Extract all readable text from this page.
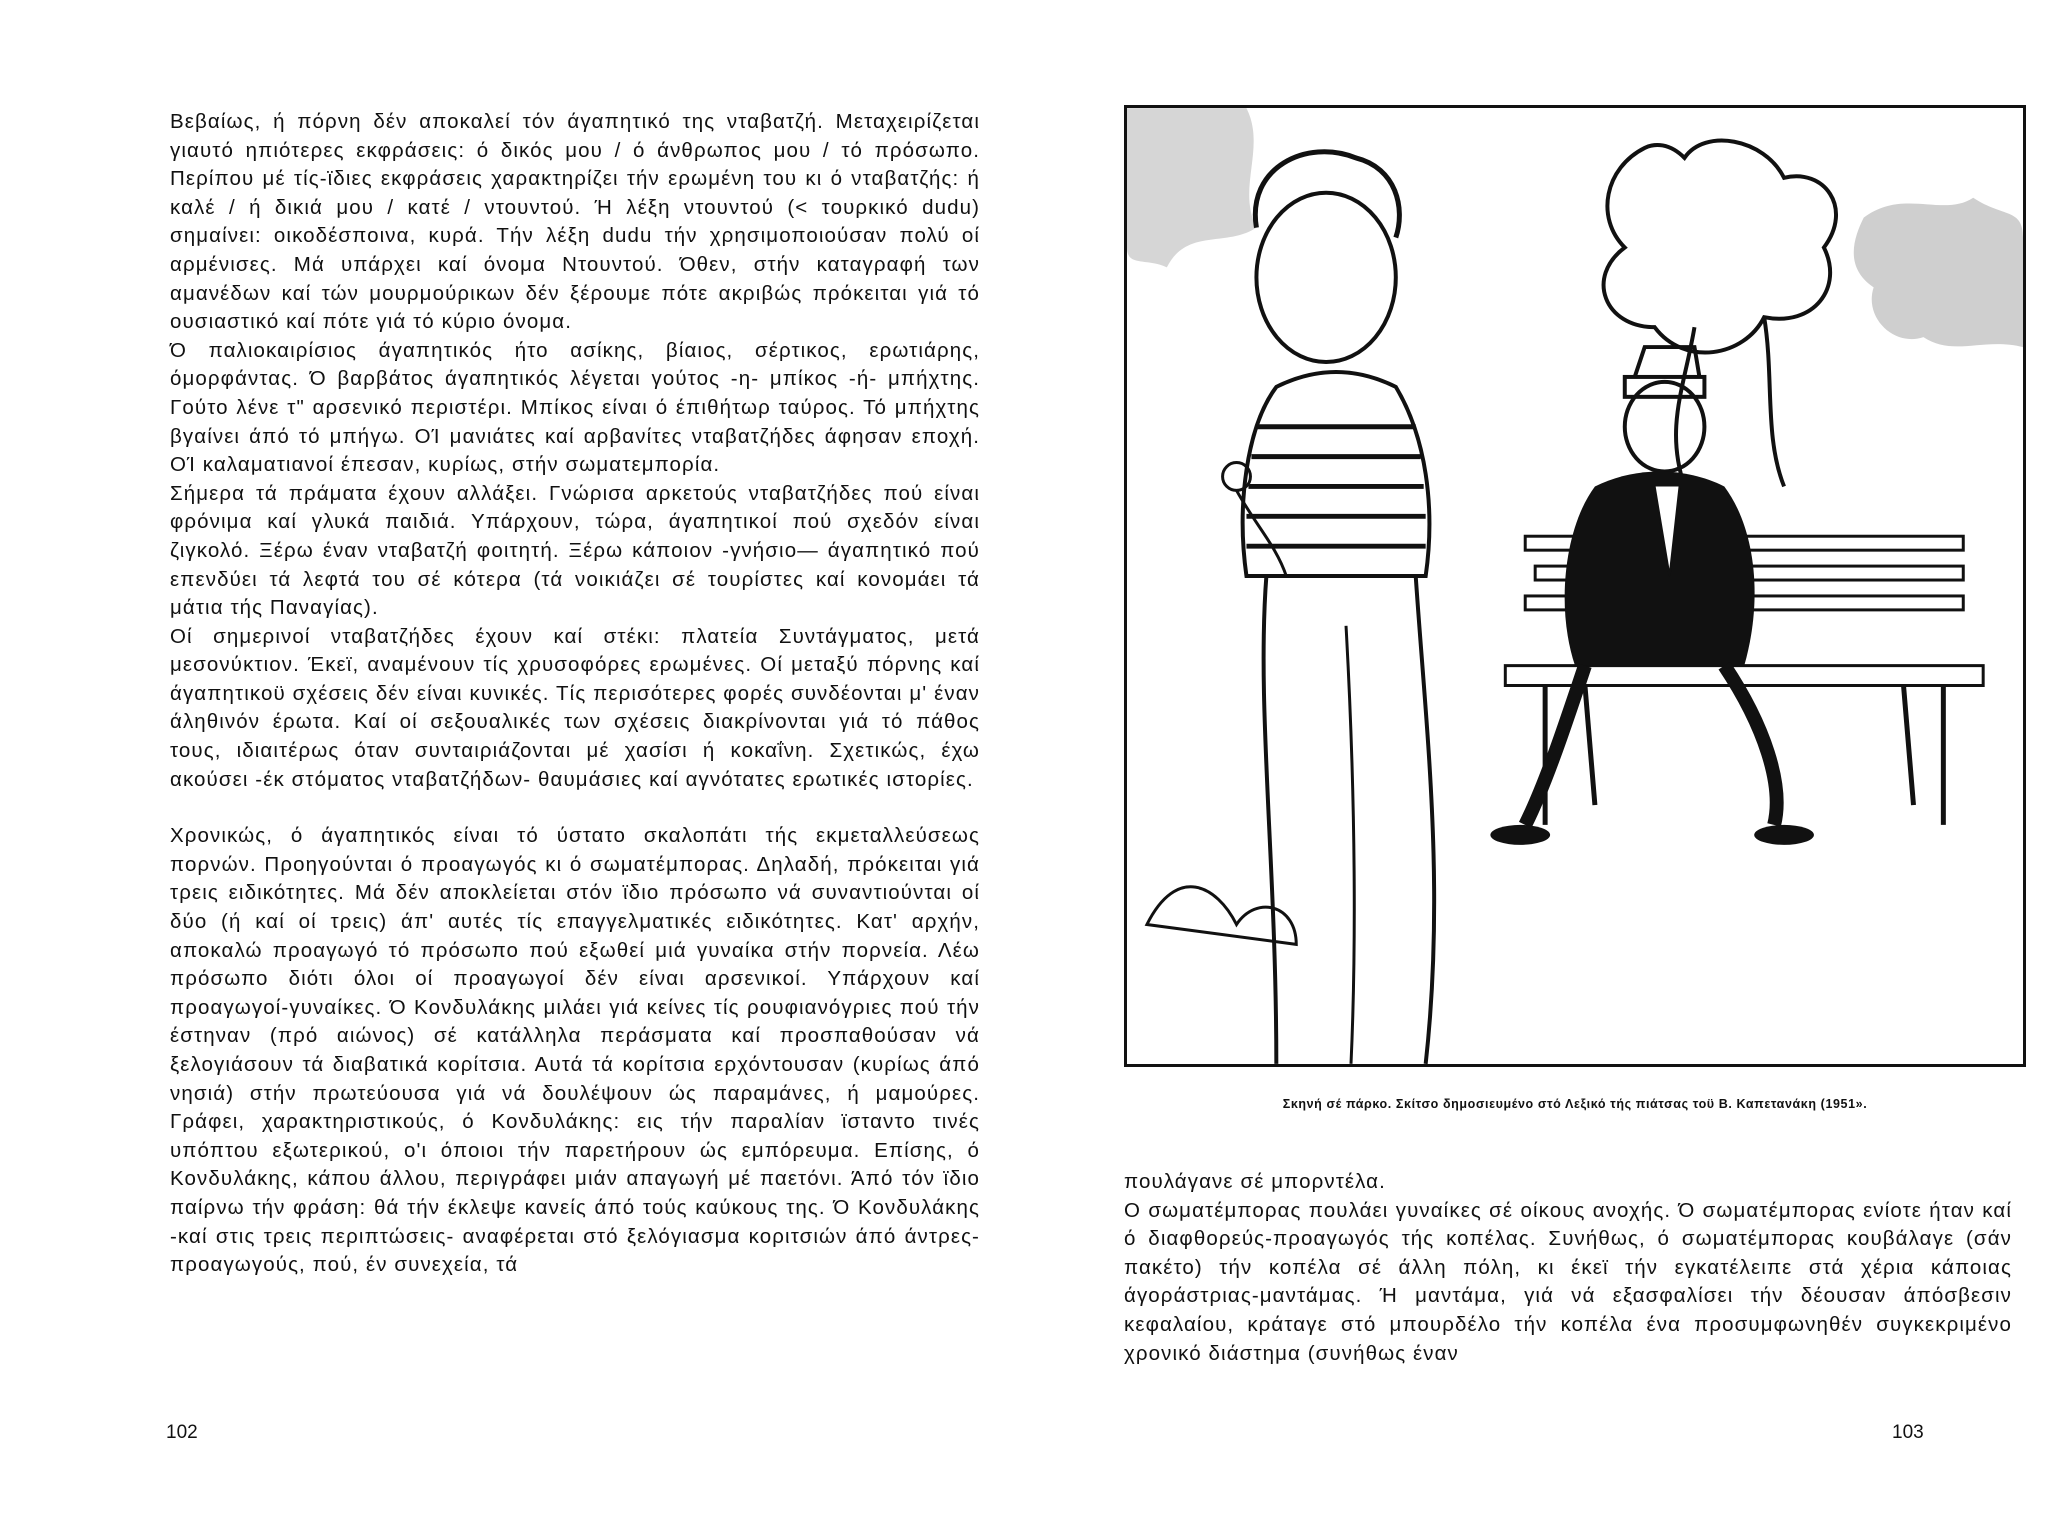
Βεβαίως, ή πόρνη δέν αποκαλεί τόν άγαπητικό της νταβατζή. Μεταχειρίζεται γιαυτό ηπιότερες εκφράσεις: ό δικός μου / ό άνθρωπος μου / τό πρόσωπο. Περίπου μέ τίς-ϊδιες εκφράσεις χαρακτηρίζει τήν ερωμένη του κι ό νταβατζής: ή καλέ / ή δικιά μου / κατέ / ντουντού. Ή λέξη ντουντού (< τουρκικό dudu) σημαίνει: οικοδέσποινα, κυρά. Τήν λέξη dudu τήν χρησιμοποιούσαν πολύ οί αρμένισες. Μά υπάρχει καί όνομα Ντουντού. Όθεν, στήν καταγραφή των αμανέδων καί τών μουρμούρικων δέν ξέρουμε πότε ακριβώς πρόκειται γιά τό ουσιαστικό καί πότε γιά τό κύριο όνομα.

Ό παλιοκαιρίσιος άγαπητικός ήτο ασίκης, βίαιος, σέρτικος, ερωτιάρης, όμορφάντας. Ό βαρβάτος άγαπητικός λέγεται γούτος -η- μπίκος -ή- μπήχτης. Γούτο λένε τ" αρσενικό περιστέρι. Μπίκος είναι ό έπιθήτωρ ταύρος. Τό μπήχτης βγαίνει άπό τό μπήγω. ΟΊ μανιάτες καί αρβανίτες νταβατζήδες άφησαν εποχή. ΟΊ καλαματιανοί έπεσαν, κυρίως, στήν σωματεμπορία.

Σήμερα τά πράματα έχουν αλλάξει. Γνώρισα αρκετούς νταβατζήδες πού είναι φρόνιμα καί γλυκά παιδιά. Υπάρχουν, τώρα, άγαπητικοί πού σχεδόν είναι ζιγκολό. Ξέρω έναν νταβατζή φοιτητή. Ξέρω κάποιον -γνήσιο— άγαπητικό πού επενδύει τά λεφτά του σέ κότερα (τά νοικιάζει σέ τουρίστες καί κονομάει τά μάτια τής Παναγίας).

Οί σημερινοί νταβατζήδες έχουν καί στέκι: πλατεία Συντάγματος, μετά μεσονύκτιον. Έκεϊ, αναμένουν τίς χρυσοφόρες ερωμένες. Οί μεταξύ πόρνης καί άγαπητικοϋ σχέσεις δέν είναι κυνικές. Τίς περισότερες φορές συνδέονται μ' έναν άληθινόν έρωτα. Καί οί σεξουαλικές των σχέσεις διακρίνονται γιά τό πάθος τους, ιδιαιτέρως όταν συνταιριάζονται μέ χασίσι ή κοκαΐνη. Σχετικώς, έχω ακούσει -έκ στόματος νταβατζήδων- θαυμάσιες καί αγνότατες ερωτικές ιστορίες.

Χρονικώς, ό άγαπητικός είναι τό ύστατο σκαλοπάτι τής εκμεταλλεύσεως πορνών. Προηγούνται ό προαγωγός κι ό σωματέμπορας. Δηλαδή, πρόκειται γιά τρεις ειδικότητες. Μά δέν αποκλείεται στόν ϊδιο πρόσωπο νά συναντιούνται οί δύο (ή καί οί τρεις) άπ' αυτές τίς επαγγελματικές ειδικότητες. Κατ' αρχήν, αποκαλώ προαγωγό τό πρόσωπο πού εξωθεί μιά γυναίκα στήν πορνεία. Λέω πρόσωπο διότι όλοι οί προαγωγοί δέν είναι αρσενικοί. Υπάρχουν καί προαγωγοί-γυναίκες. Ό Κονδυλάκης μιλάει γιά κείνες τίς ρουφιανόγριες πού τήν έστηναν (πρό αιώνος) σέ κατάλληλα περάσματα καί προσπαθούσαν νά ξελογιάσουν τά διαβατικά κορίτσια. Αυτά τά κορίτσια ερχόντουσαν (κυρίως άπό νησιά) στήν πρωτεύουσα γιά νά δουλέψουν ώς παραμάνες, ή μαμούρες. Γράφει, χαρακτηριστικούς, ό Κονδυλάκης: εις τήν παραλίαν ϊσταντο τινές υπόπτου εξωτερικού, ο'ι όποιοι τήν παρετήρουν ώς εμπόρευμα. Επίσης, ό Κονδυλάκης, κάπου άλλου, περιγράφει μιάν απαγωγή μέ παετόνι. Άπό τόν ϊδιο παίρνω τήν φράση: θά τήν έκλεψε κανείς άπό τούς καύκους της. Ό Κονδυλάκης -καί στις τρεις περιπτώσεις- αναφέρεται στό ξελόγιασμα κοριτσιών άπό άντρες-προαγωγούς, πού, έν συνεχεία, τά

102
Σκηνή σέ πάρκο. Σκίτσο δημοσιευμένο στό Λεξικό τής πιάτσας τοϋ Β. Καπετανάκη (1951».

πουλάγανε σέ μπορντέλα.

Ο σωματέμπορας πουλάει γυναίκες σέ οίκους ανοχής. Ό σωματέμπορας ενίοτε ήταν καί ό διαφθορεύς-προαγωγός τής κοπέλας. Συνήθως, ό σωματέμπορας κουβάλαγε (σάν πακέτο) τήν κοπέλα σέ άλλη πόλη, κι έκεϊ τήν εγκατέλειπε στά χέρια κάποιας άγοράστριας-μαντάμας. Ή μαντάμα, γιά νά εξασφαλίσει τήν δέουσαν άπόσβεσιν κεφαλαίου, κράταγε στό μπουρδέλο τήν κοπέλα ένα προσυμφωνηθέν συγκεκριμένο χρονικό διάστημα (συνήθως έναν

103
